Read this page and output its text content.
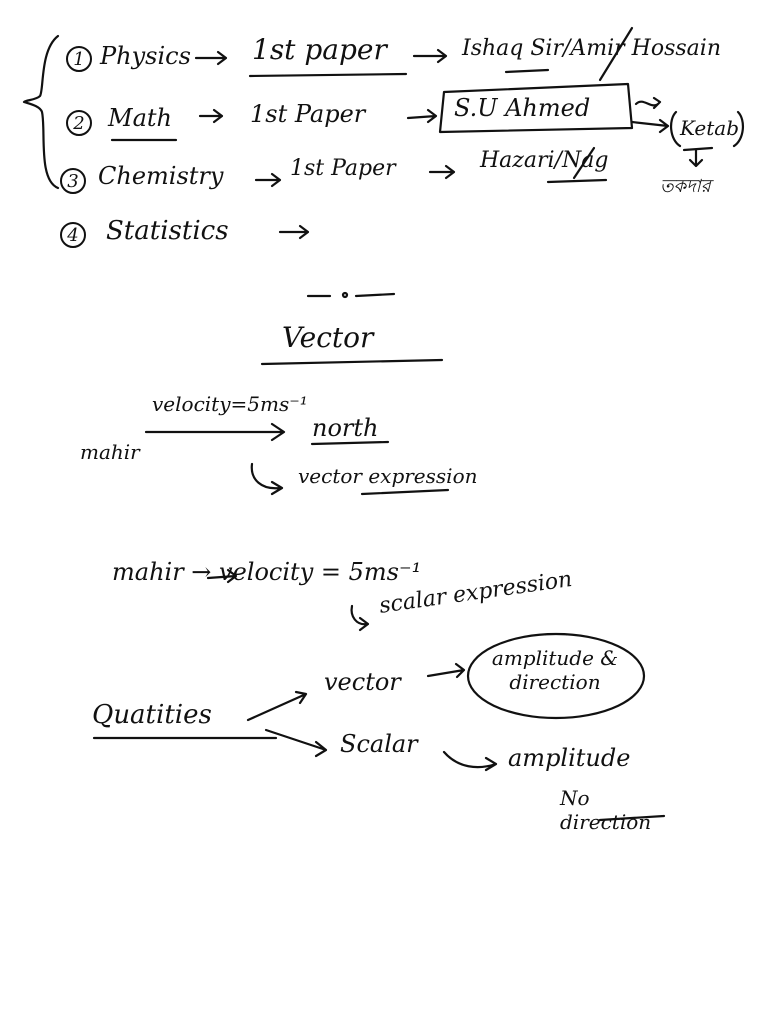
1 Physics 1st paper	Ishaq Sir/Amir Hossain
2 Math	1st Paper	S.U Ahmed
Ketab
তকদার
3 Chemistry	1st Paper	Hazari/Nag
4 Statistics
Vector
velocity=5ms⁻¹
mahir
north
vector expression
mahir → velocity = 5ms⁻¹
scalar expression
Quatities
vector
amplitude & direction
Scalar	amplitude
No direction
